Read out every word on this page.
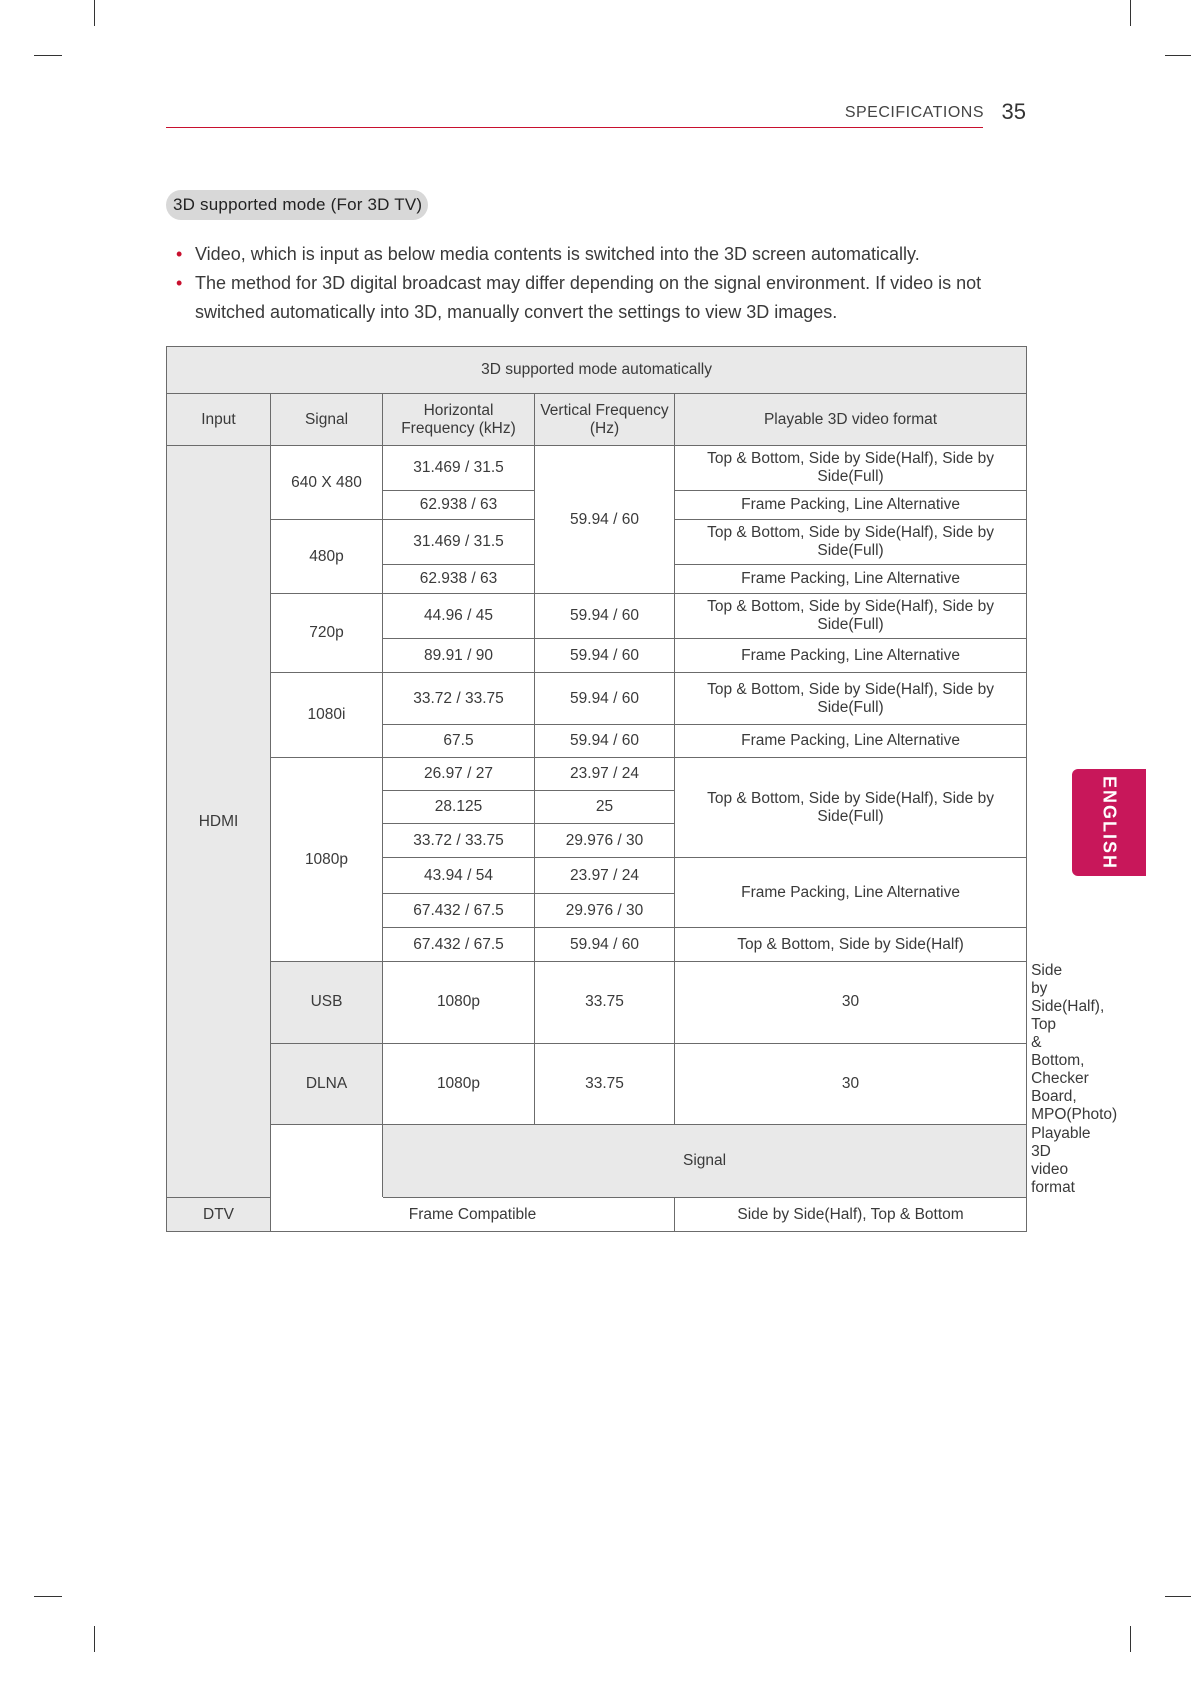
SPECIFICATIONS 35
3D supported mode (For 3D TV)
• Video, which is input as below media contents is switched into the 3D screen automatically.
• The method for 3D digital broadcast may differ depending on the signal environment. If video is not switched automatically into 3D, manually convert the settings to view 3D images.
3D supported mode automatically					
Input	Signal	Horizontal Frequency (kHz)	Vertical Frequency (Hz)	Playable 3D video format	
HDMI	640 X 480	31.469 / 31.5	59.94 / 60	Top & Bottom, Side by Side(Half), Side by Side(Full)	
		62.938 / 63		Frame Packing, Line Alternative	
	480p	31.469 / 31.5		Top & Bottom, Side by Side(Half), Side by Side(Full)	
		62.938 / 63		Frame Packing, Line Alternative	
	720p	44.96 / 45	59.94 / 60	Top & Bottom, Side by Side(Half), Side by Side(Full)	
		89.91 / 90	59.94 / 60	Frame Packing, Line Alternative	
	1080i	33.72 / 33.75	59.94 / 60	Top & Bottom, Side by Side(Half), Side by Side(Full)	
		67.5	59.94 / 60	Frame Packing, Line Alternative	
	1080p	26.97 / 27	23.97 / 24	Top & Bottom, Side by Side(Half), Side by Side(Full)	
		28.125	25		
		33.72 / 33.75	29.976 / 30		
		43.94 / 54	23.97 / 24	Frame Packing, Line Alternative	
		67.432 / 67.5	29.976 / 30		
		67.432 / 67.5	59.94 / 60	Top & Bottom, Side by Side(Half)	
	USB	1080p	33.75	30	Side by Side(Half), Top & Bottom, Checker Board, MPO(Photo)
	DLNA	1080p	33.75	30	
		Signal			Playable 3D video format
DTV	Frame Compatible			Side by Side(Half), Top & Bottom	
ENGLISH
